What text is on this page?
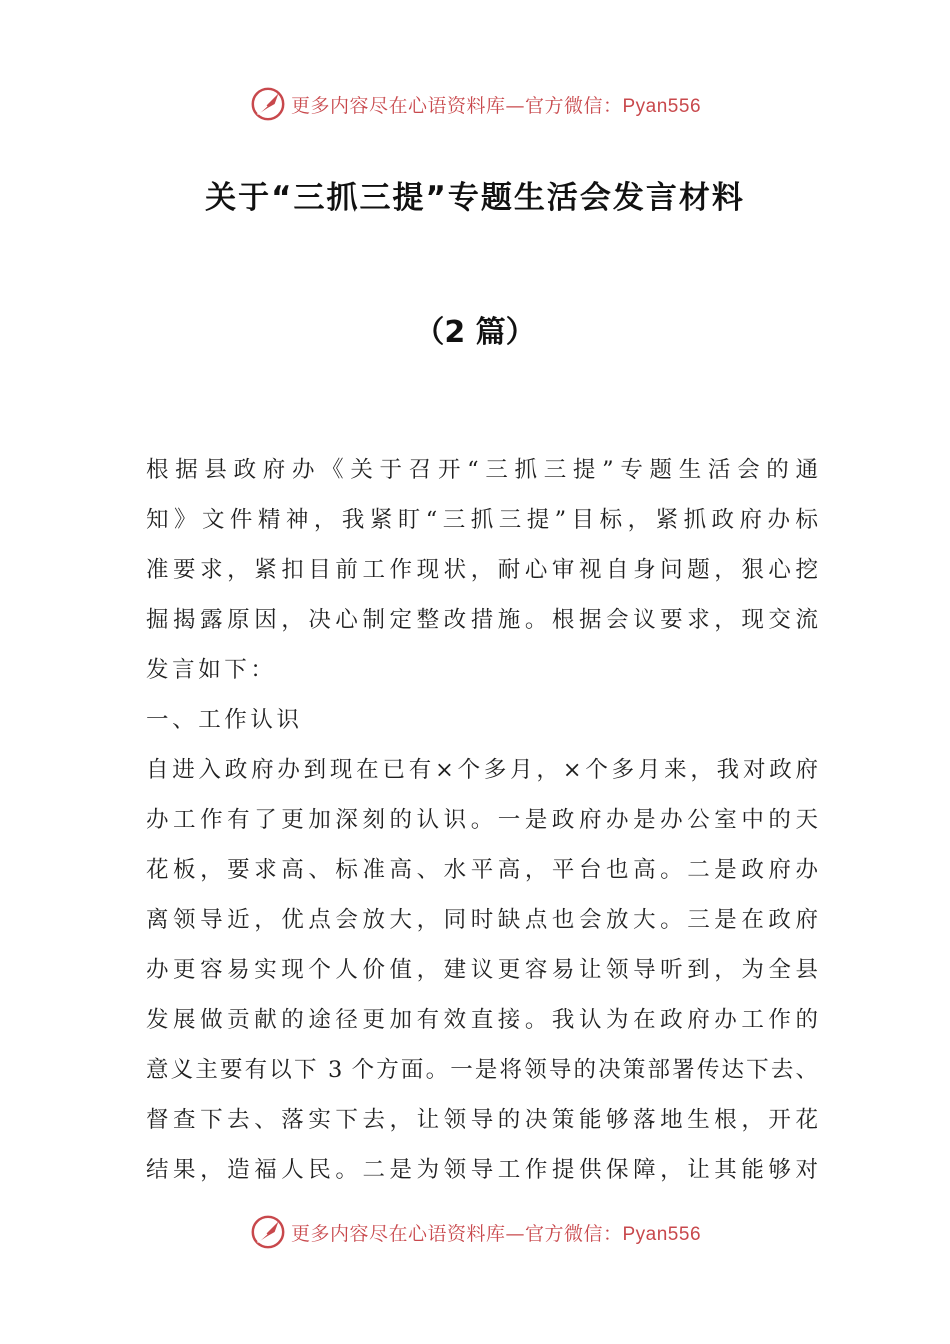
更多内容尽在心语资料库—官方微信：Pyan556
关于“三抓三提”专题生活会发言材料
（2 篇）
根据县政府办《关于召开“三抓三提”专题生活会的通
知》文件精神，我紧盯“三抓三提”目标，紧抓政府办标
准要求，紧扣目前工作现状，耐心审视自身问题，狠心挖
掘揭露原因，决心制定整改措施。根据会议要求，现交流
发言如下：
一、工作认识
自进入政府办到现在已有×个多月，×个多月来，我对政府
办工作有了更加深刻的认识。一是政府办是办公室中的天
花板，要求高、标准高、水平高，平台也高。二是政府办
离领导近，优点会放大，同时缺点也会放大。三是在政府
办更容易实现个人价值，建议更容易让领导听到，为全县
发展做贡献的途径更加有效直接。我认为在政府办工作的
意义主要有以下 3 个方面。一是将领导的决策部署传达下去、
督查下去、落实下去，让领导的决策能够落地生根，开花
结果，造福人民。二是为领导工作提供保障，让其能够对
更多内容尽在心语资料库—官方微信：Pyan556
